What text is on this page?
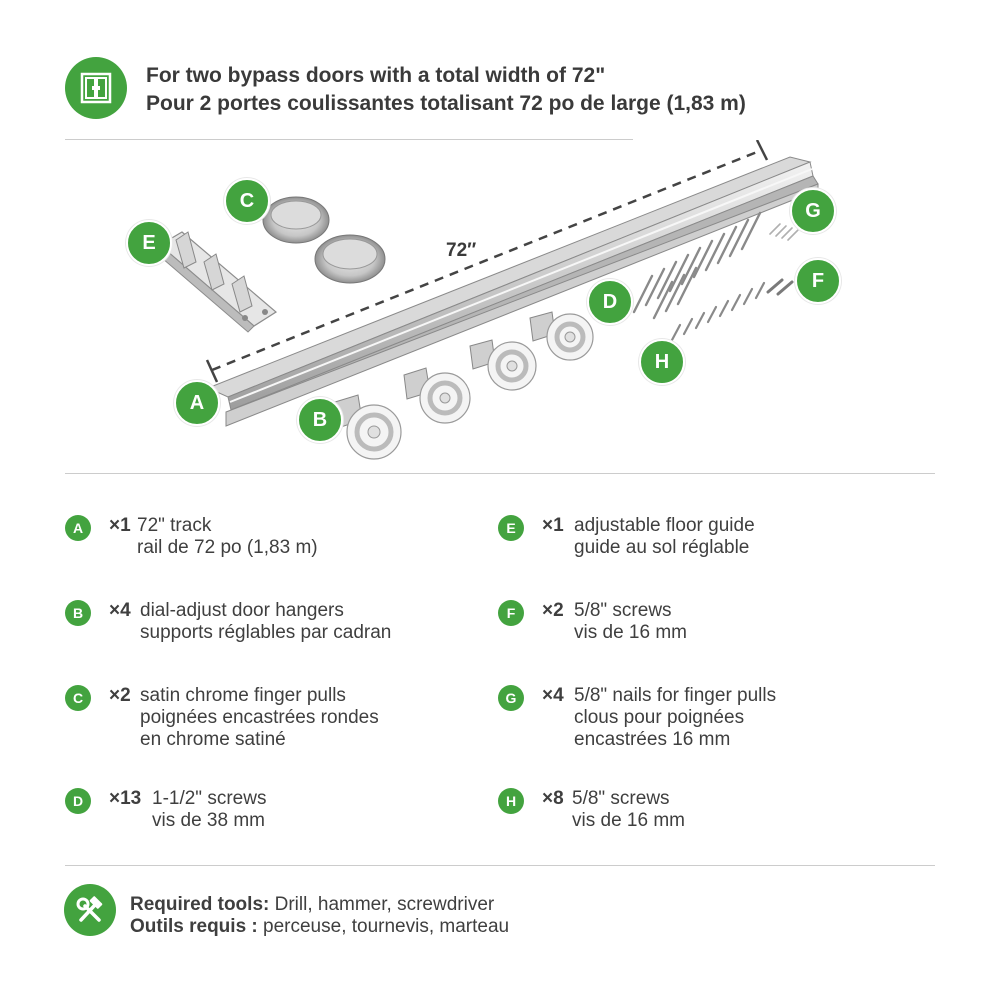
For two bypass doors with a total width of 72"
Pour 2 portes coulissantes totalisant 72 po de large (1,83 m)
72″
A
B
C
D
E
F
G
H
A	×1 72" track
rail de 72 po (1,83 m)
B	×4 dial-adjust door hangers
supports réglables par cadran
C	×2 satin chrome finger pulls
poignées encastrées rondes
en chrome satiné
D	×13 1-1/2" screws
vis de 38 mm
E	×1 adjustable floor guide
guide au sol réglable
F	×2 5/8" screws
vis de 16 mm
G	×4 5/8" nails for finger pulls
clous pour poignées
encastrées 16 mm
H	×8 5/8" screws
vis de 16 mm
Required tools: Drill, hammer, screwdriver
Outils requis : perceuse, tournevis, marteau
